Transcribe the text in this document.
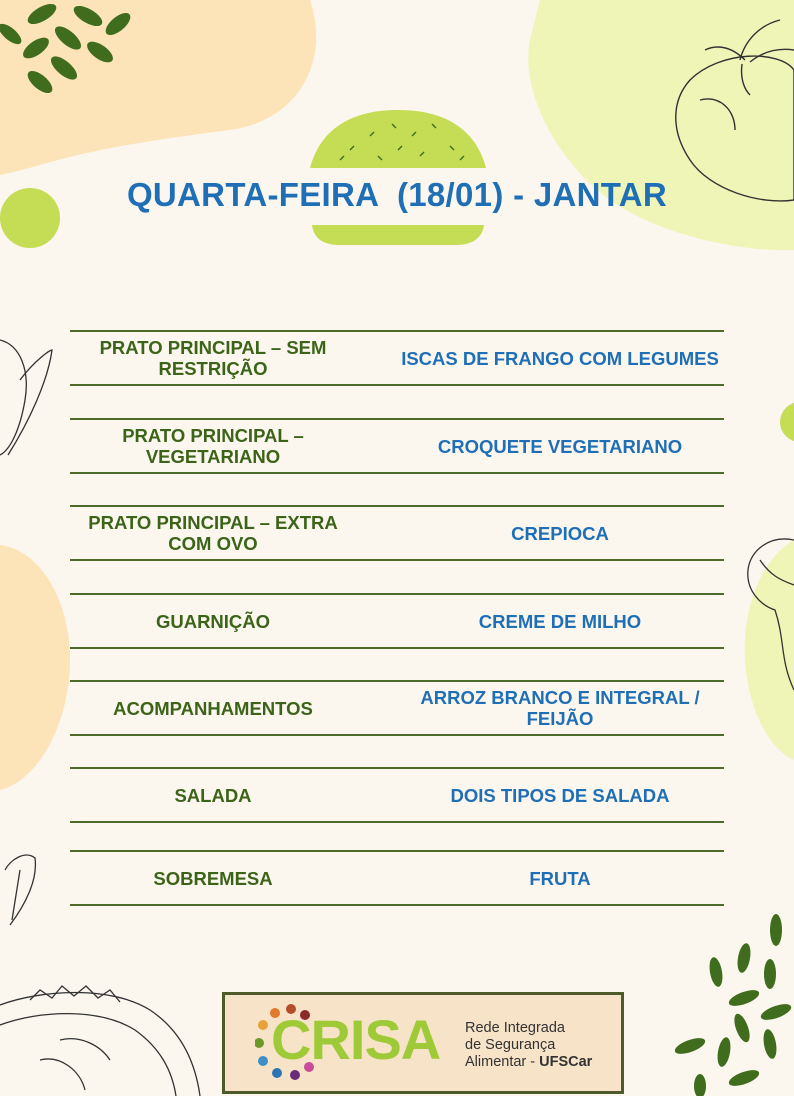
QUARTA-FEIRA  (18/01) - JANTAR
PRATO PRINCIPAL – SEM RESTRIÇÃO	ISCAS DE FRANGO COM LEGUMES
PRATO PRINCIPAL – VEGETARIANO	CROQUETE VEGETARIANO
PRATO PRINCIPAL – EXTRA COM OVO	CREPIOCA
GUARNIÇÃO	CREME DE MILHO
ACOMPANHAMENTOS	ARROZ BRANCO E INTEGRAL / FEIJÃO
SALADA	DOIS TIPOS DE SALADA
SOBREMESA	FRUTA
CRISA Rede Integrada
de Segurança
Alimentar - UFSCar
